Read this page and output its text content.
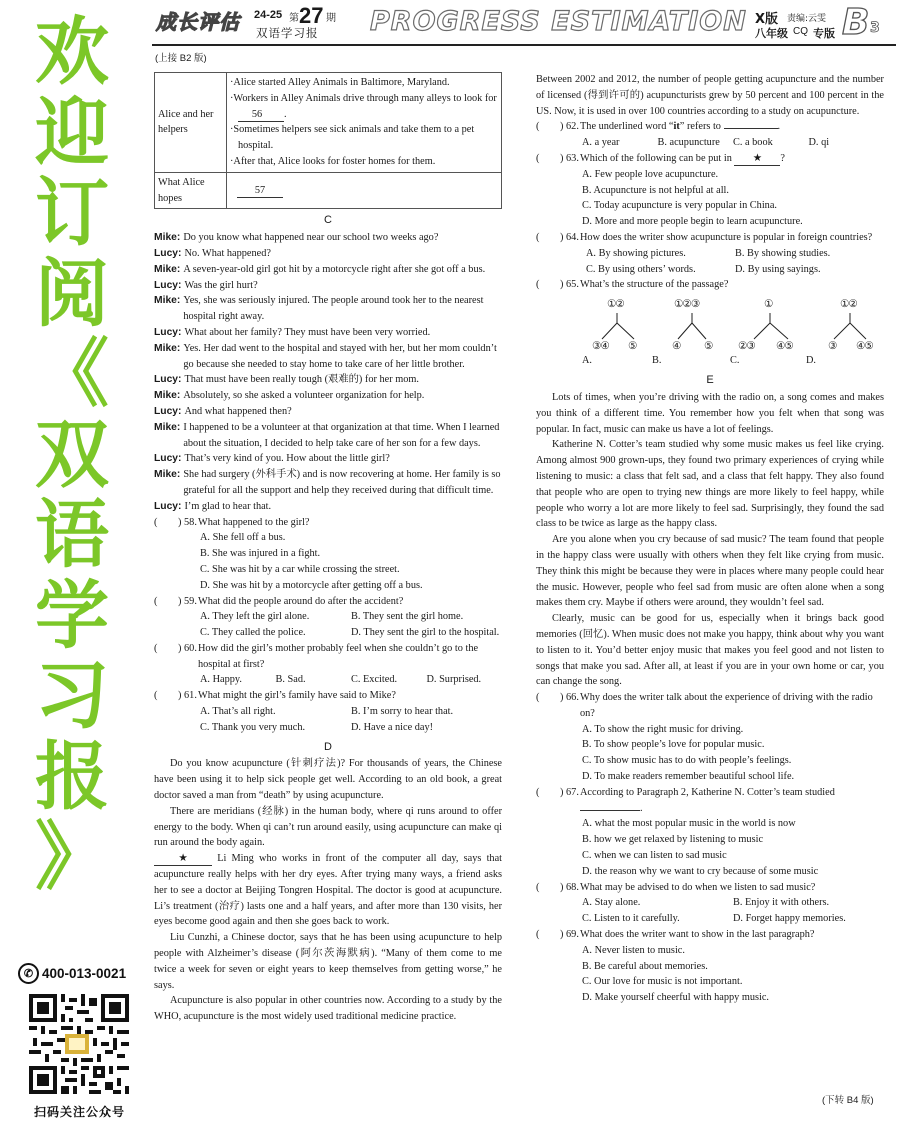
欢
迎
订
阅
《
双
语
学
习
报
》
✆ 400-013-0021
扫码关注公众号
成长评估 24-25 第 27 期
双语学习报 PROGRESS ESTIMATION X版 责编:云雯
八年级 CQ 专版 B 3
(上接 B2 版)
Alice and her helpers	·Alice started Alley Animals in Baltimore, Maryland.
·Workers in Alley Animals drive through many alleys to look for 56 .
·Sometimes helpers see sick animals and take them to a pet hospital.
·After that, Alice looks for foster homes for them.

What Alice hopes	57
C
Mike: Do you know what happened near our school two weeks ago?
Lucy: No. What happened?
Mike: A seven-year-old girl got hit by a motorcycle right after she got off a bus.
Lucy: Was the girl hurt?
Mike: Yes, she was seriously injured. The people around took her to the nearest hospital right away.
Lucy: What about her family? They must have been very worried.
Mike: Yes. Her dad went to the hospital and stayed with her, but her mom couldn’t go because she needed to stay home to take care of her little brother.
Lucy: That must have been really tough (艰难的) for her mom.
Mike: Absolutely, so she asked a volunteer organization for help.
Lucy: And what happened then?
Mike: I happened to be a volunteer at that organization at that time. When I learned about the situation, I decided to help take care of her son for a few days.
Lucy: That’s very kind of you. How about the little girl?
Mike: She had surgery (外科手术) and is now recovering at home. Her family is so grateful for all the support and help they received during that difficult time.
Lucy: I’m glad to hear that.
(　　) 58. What happened to the girl?
A. She fell off a bus.
B. She was injured in a fight.
C. She was hit by a car while crossing the street.
D. She was hit by a motorcycle after getting off a bus.
(　　) 59. What did the people around do after the accident?
A. They left the girl alone.	B. They sent the girl home.
C. They called the police.	D. They sent the girl to the hospital.
(　　) 60. How did the girl’s mother probably feel when she couldn’t go to the hospital at first?
A. Happy.	B. Sad.	C. Excited.	D. Surprised.
(　　) 61. What might the girl’s family have said to Mike?
A. That’s all right.	B. I’m sorry to hear that.
C. Thank you very much.	D. Have a nice day!
D

Do you know acupuncture (针刺疗法)? For thousands of years, the Chinese have been using it to help sick people get well. According to an old book, a great doctor saved a man from “death” by using acupuncture.

There are meridians (经脉) in the human body, where qi runs around to offer energy to the body. When qi can’t run around easily, using acupuncture can make qi run around the body again.

★	Li Ming who works in front of the computer all day, says that acupuncture really helps with her dry eyes. After trying many ways, a friend asks her to see a doctor at Beijing Tongren Hospital. The doctor is good at acupuncture. Li’s treatment (治疗) lasts one and a half years, and after more than 130 visits, her eyes become good again and then she goes back to work.

Liu Cunzhi, a Chinese doctor, says that he has been using acupuncture to help people with Alzheimer’s disease (阿尔茨海默病). “Many of them come to me twice a week for seven or eight years to keep themselves from getting worse,” he says.

Acupuncture is also popular in other countries now. According to a study by the WHO, acupuncture is the most widely used traditional medicine practice.

Between 2002 and 2012, the number of people getting acupuncture and the number of licensed (得到许可的) acupuncturists grew by 50 percent and 100 percent in the US. Now, it is used in over 100 countries according to a study on acupuncture.

(　　) 62. The underlined word “it” refers to	.
A. a year	B. acupuncture	C. a book	D. qi
(　　) 63. Which of the following can be put in ★ ?
A. Few people love acupuncture.
B. Acupuncture is not helpful at all.
C. Today acupuncture is very popular in China.
D. More and more people begin to learn acupuncture.
(　　) 64. How does the writer show acupuncture is popular in foreign countries?
A. By showing pictures.	B. By showing studies.
C. By using others’ words.	D. By using sayings.
(　　) 65. What’s the structure of the passage?
A.
①②
③④ ⑤
B.
①②③
④ ⑤
C.
①
②③ ④⑤
D.
①②
③ ④⑤
E

Lots of times, when you’re driving with the radio on, a song comes and makes you think of a different time. You remember how you felt when that song was popular. In fact, music can make us have a lot of feelings.

Katherine N. Cotter’s team studied why some music makes us feel like crying. Among almost 900 grown-ups, they found two primary experiences of crying while listening to music: a class that felt sad, and a class that felt happy. They also found that people who are open to trying new things are more likely to feel happy, while people who worry a lot are more likely to feel sad. Surprisingly, they found the sad class to be twice as large as the happy class.

Are you alone when you cry because of sad music? The team found that people in the happy class were usually with others when they felt like crying from music. They think this might be because they were in places where many people could hear the music. However, people who feel sad from music are often alone when a song makes them cry. Maybe if others were around, they wouldn’t feel sad.

Clearly, music can be good for us, especially when it brings back good memories (回忆). When music does not make you happy, think about why you want to listen to it. You’d better enjoy music that makes you feel good and not listen to songs that make you sad. After all, at least if you are in your own home or car, you can change the song.

(　　) 66. Why does the writer talk about the experience of driving with the radio on?
A. To show the right music for driving.
B. To show people’s love for popular music.
C. To show music has to do with people’s feelings.
D. To make readers remember beautiful school life.
(　　) 67. According to Paragraph 2, Katherine N. Cotter’s team studied .
A. what the most popular music in the world is now
B. how we get relaxed by listening to music
C. when we can listen to sad music
D. the reason why we want to cry because of some music
(　　) 68. What may be advised to do when we listen to sad music?
A. Stay alone.	B. Enjoy it with others.
C. Listen to it carefully.	D. Forget happy memories.
(　　) 69. What does the writer want to show in the last paragraph?
A. Never listen to music.
B. Be careful about memories.
C. Our love for music is not important.
D. Make yourself cheerful with happy music.
(下转 B4 版)
